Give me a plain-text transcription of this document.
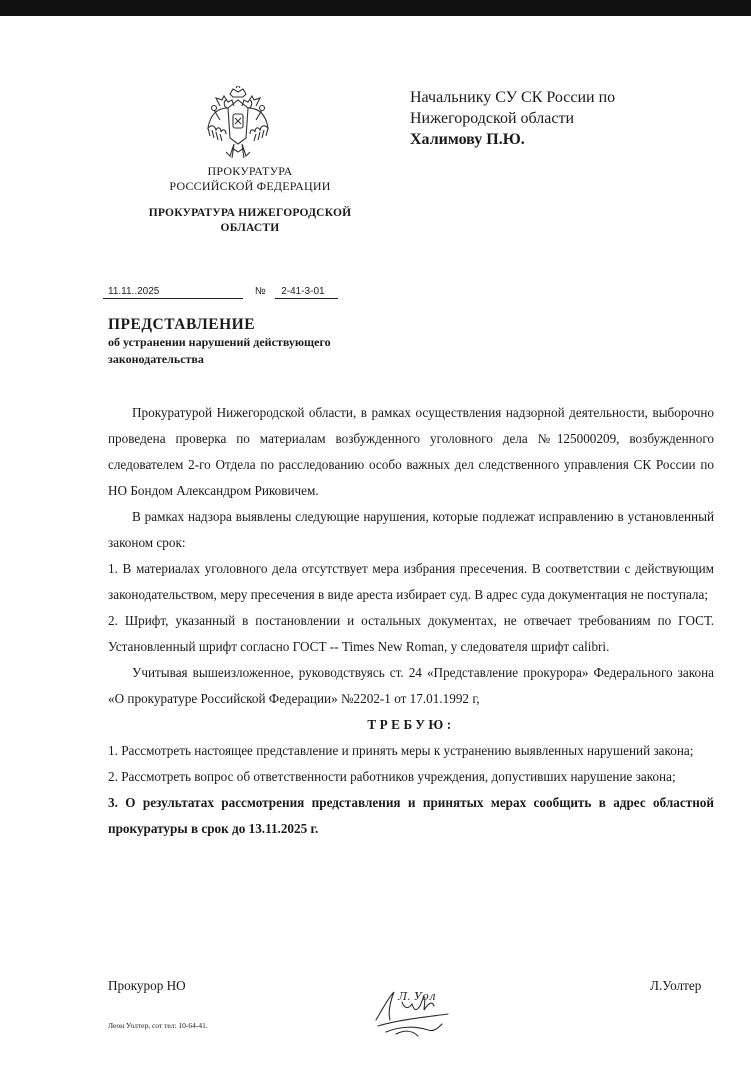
ПРОКУРАТУРА
РОССИЙСКОЙ ФЕДЕРАЦИИ
ПРОКУРАТУРА НИЖЕГОРОДСКОЙ ОБЛАСТИ
Начальнику СУ СК России по
Нижегородской области
Халимову П.Ю.
11.11..2025	№ 2-41-3-01
ПРЕДСТАВЛЕНИЕ
об устранении нарушений действующего законодательства

Прокуратурой Нижегородской области, в рамках осуществления надзорной деятельности, выборочно проведена проверка по материалам возбужденного уголовного дела №125000209, возбужденного следователем 2-го Отдела по расследованию особо важных дел следственного управления СК России по НО Бондом Александром Риковичем.

В рамках надзора выявлены следующие нарушения, которые подлежат исправлению в установленный законом срок:

1. В материалах уголовного дела отсутствует мера избрания пресечения. В соответствии с действующим законодательством, меру пресечения в виде ареста избирает суд. В адрес суда документация не поступала;

2. Шрифт, указанный в постановлении и остальных документах, не отвечает требованиям по ГОСТ. Установленный шрифт согласно ГОСТ -- Times New Roman, у следователя шрифт calibri.

Учитывая вышеизложенное, руководствуясь ст. 24 «Представление прокурора» Федерального закона «О прокуратуре Российской Федерации» №2202-1 от 17.01.1992 г,

ТРЕБУЮ:

1. Рассмотреть настоящее представление и принять меры к устранению выявленных нарушений закона;

2. Рассмотреть вопрос об ответственности работников учреждения, допустивших нарушение закона;

3. О результатах рассмотрения представления и принятых мерах сообщить в адрес областной прокуратуры в срок до 13.11.2025 г.

Прокурор НО
Л. Уол
Л.Уолтер
Леон Уолтер, сот тел: 10-64-41.
